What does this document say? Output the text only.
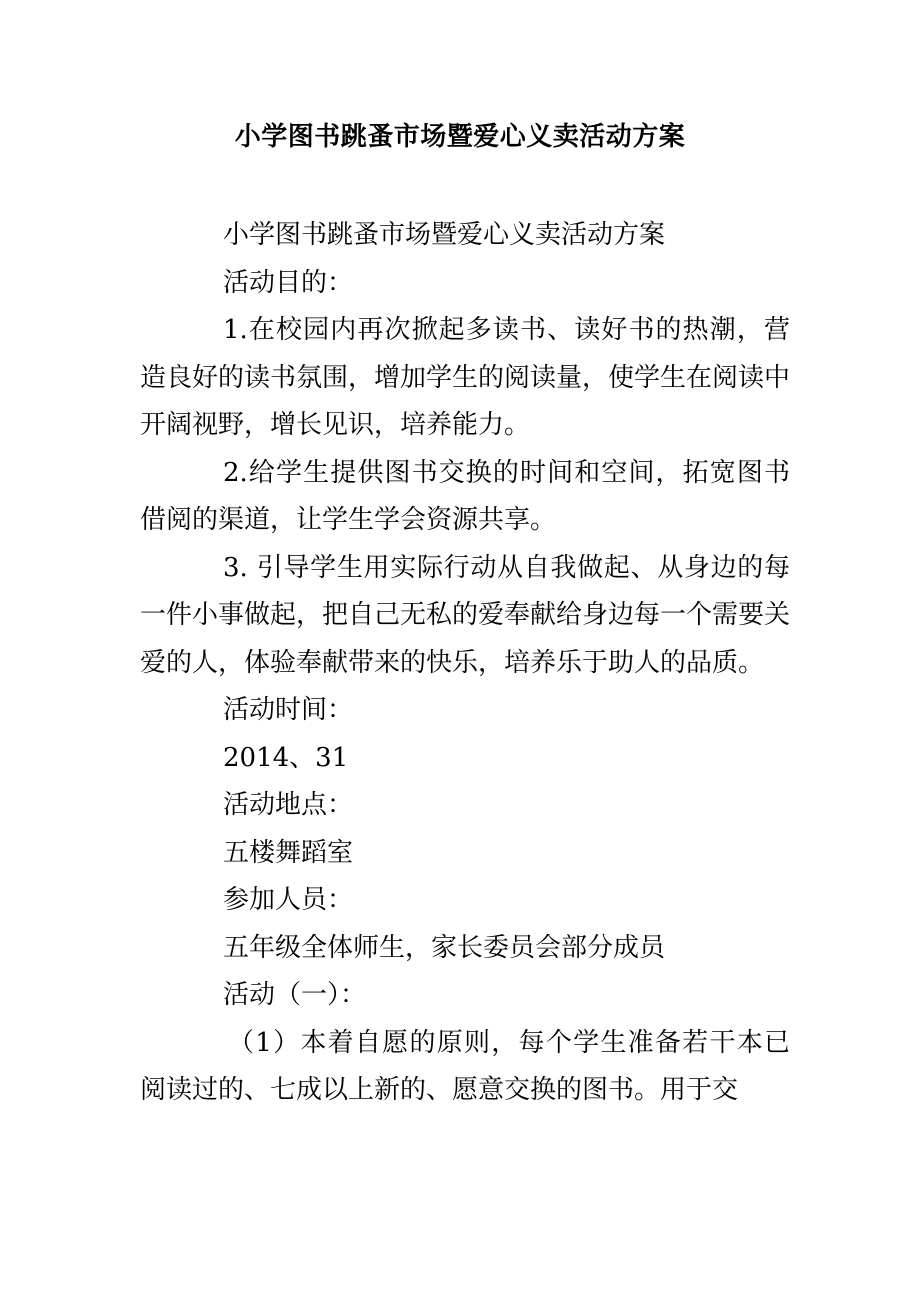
小学图书跳蚤市场暨爱心义卖活动方案

小学图书跳蚤市场暨爱心义卖活动方案

活动目的：

1.在校园内再次掀起多读书、读好书的热潮，营造良好的读书氛围，增加学生的阅读量，使学生在阅读中开阔视野，增长见识，培养能力。

2.给学生提供图书交换的时间和空间，拓宽图书借阅的渠道，让学生学会资源共享。

3. 引导学生用实际行动从自我做起、从身边的每一件小事做起，把自己无私的爱奉献给身边每一个需要关爱的人，体验奉献带来的快乐，培养乐于助人的品质。

活动时间：

2014、31

活动地点：

五楼舞蹈室

参加人员：

五年级全体师生，家长委员会部分成员

活动（一）：

（1）本着自愿的原则，每个学生准备若干本已阅读过的、七成以上新的、愿意交换的图书。用于交
